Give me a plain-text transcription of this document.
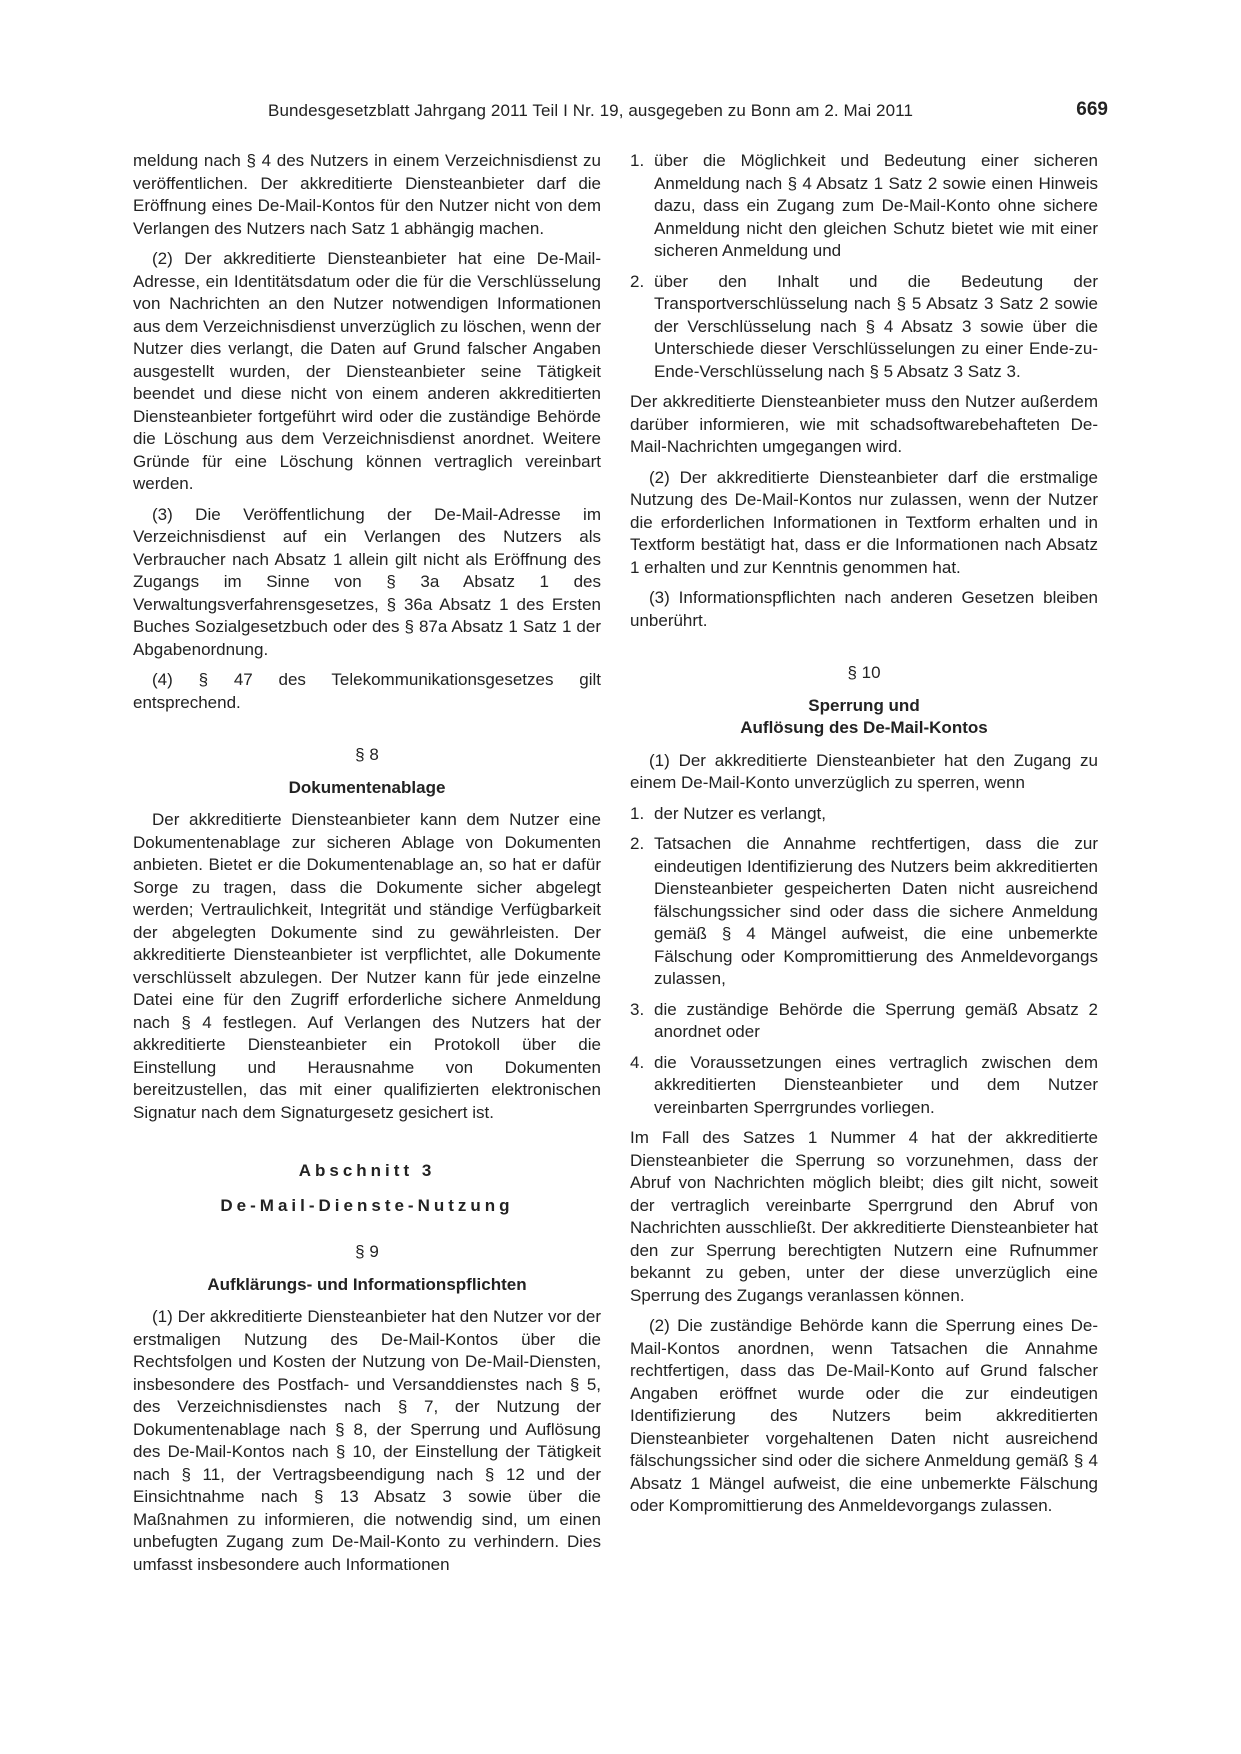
Bundesgesetzblatt Jahrgang 2011 Teil I Nr. 19, ausgegeben zu Bonn am 2. Mai 2011	669

meldung nach § 4 des Nutzers in einem Verzeichnisdienst zu veröffentlichen. Der akkreditierte Diensteanbieter darf die Eröffnung eines De-Mail-Kontos für den Nutzer nicht von dem Verlangen des Nutzers nach Satz 1 abhängig machen.

(2) Der akkreditierte Diensteanbieter hat eine De-Mail-Adresse, ein Identitätsdatum oder die für die Verschlüsselung von Nachrichten an den Nutzer notwendigen Informationen aus dem Verzeichnisdienst unverzüglich zu löschen, wenn der Nutzer dies verlangt, die Daten auf Grund falscher Angaben ausgestellt wurden, der Diensteanbieter seine Tätigkeit beendet und diese nicht von einem anderen akkreditierten Diensteanbieter fortgeführt wird oder die zuständige Behörde die Löschung aus dem Verzeichnisdienst anordnet. Weitere Gründe für eine Löschung können vertraglich vereinbart werden.

(3) Die Veröffentlichung der De-Mail-Adresse im Verzeichnisdienst auf ein Verlangen des Nutzers als Verbraucher nach Absatz 1 allein gilt nicht als Eröffnung des Zugangs im Sinne von § 3a Absatz 1 des Verwaltungsverfahrensgesetzes, § 36a Absatz 1 des Ersten Buches Sozialgesetzbuch oder des § 87a Absatz 1 Satz 1 der Abgabenordnung.

(4) § 47 des Telekommunikationsgesetzes gilt entsprechend.

§ 8
Dokumentenablage

Der akkreditierte Diensteanbieter kann dem Nutzer eine Dokumentenablage zur sicheren Ablage von Dokumenten anbieten. Bietet er die Dokumentenablage an, so hat er dafür Sorge zu tragen, dass die Dokumente sicher abgelegt werden; Vertraulichkeit, Integrität und ständige Verfügbarkeit der abgelegten Dokumente sind zu gewährleisten. Der akkreditierte Diensteanbieter ist verpflichtet, alle Dokumente verschlüsselt abzulegen. Der Nutzer kann für jede einzelne Datei eine für den Zugriff erforderliche sichere Anmeldung nach § 4 festlegen. Auf Verlangen des Nutzers hat der akkreditierte Diensteanbieter ein Protokoll über die Einstellung und Herausnahme von Dokumenten bereitzustellen, das mit einer qualifizierten elektronischen Signatur nach dem Signaturgesetz gesichert ist.

Abschnitt 3
De-Mail-Dienste-Nutzung
§ 9
Aufklärungs- und Informationspflichten

(1) Der akkreditierte Diensteanbieter hat den Nutzer vor der erstmaligen Nutzung des De-Mail-Kontos über die Rechtsfolgen und Kosten der Nutzung von De-Mail-Diensten, insbesondere des Postfach- und Versanddienstes nach § 5, des Verzeichnisdienstes nach § 7, der Nutzung der Dokumentenablage nach § 8, der Sperrung und Auflösung des De-Mail-Kontos nach § 10, der Einstellung der Tätigkeit nach § 11, der Vertragsbeendigung nach § 12 und der Einsichtnahme nach § 13 Absatz 3 sowie über die Maßnahmen zu informieren, die notwendig sind, um einen unbefugten Zugang zum De-Mail-Konto zu verhindern. Dies umfasst insbesondere auch Informationen

1. über die Möglichkeit und Bedeutung einer sicheren Anmeldung nach § 4 Absatz 1 Satz 2 sowie einen Hinweis dazu, dass ein Zugang zum De-Mail-Konto ohne sichere Anmeldung nicht den gleichen Schutz bietet wie mit einer sicheren Anmeldung und
2. über den Inhalt und die Bedeutung der Transportverschlüsselung nach § 5 Absatz 3 Satz 2 sowie der Verschlüsselung nach § 4 Absatz 3 sowie über die Unterschiede dieser Verschlüsselungen zu einer Ende-zu-Ende-Verschlüsselung nach § 5 Absatz 3 Satz 3.

Der akkreditierte Diensteanbieter muss den Nutzer außerdem darüber informieren, wie mit schadsoftwarebehafteten De-Mail-Nachrichten umgegangen wird.

(2) Der akkreditierte Diensteanbieter darf die erstmalige Nutzung des De-Mail-Kontos nur zulassen, wenn der Nutzer die erforderlichen Informationen in Textform erhalten und in Textform bestätigt hat, dass er die Informationen nach Absatz 1 erhalten und zur Kenntnis genommen hat.

(3) Informationspflichten nach anderen Gesetzen bleiben unberührt.

§ 10
Sperrung und
Auflösung des De-Mail-Kontos

(1) Der akkreditierte Diensteanbieter hat den Zugang zu einem De-Mail-Konto unverzüglich zu sperren, wenn

1. der Nutzer es verlangt,
2. Tatsachen die Annahme rechtfertigen, dass die zur eindeutigen Identifizierung des Nutzers beim akkreditierten Diensteanbieter gespeicherten Daten nicht ausreichend fälschungssicher sind oder dass die sichere Anmeldung gemäß § 4 Mängel aufweist, die eine unbemerkte Fälschung oder Kompromittierung des Anmeldevorgangs zulassen,
3. die zuständige Behörde die Sperrung gemäß Absatz 2 anordnet oder
4. die Voraussetzungen eines vertraglich zwischen dem akkreditierten Diensteanbieter und dem Nutzer vereinbarten Sperrgrundes vorliegen.

Im Fall des Satzes 1 Nummer 4 hat der akkreditierte Diensteanbieter die Sperrung so vorzunehmen, dass der Abruf von Nachrichten möglich bleibt; dies gilt nicht, soweit der vertraglich vereinbarte Sperrgrund den Abruf von Nachrichten ausschließt. Der akkreditierte Diensteanbieter hat den zur Sperrung berechtigten Nutzern eine Rufnummer bekannt zu geben, unter der diese unverzüglich eine Sperrung des Zugangs veranlassen können.

(2) Die zuständige Behörde kann die Sperrung eines De-Mail-Kontos anordnen, wenn Tatsachen die Annahme rechtfertigen, dass das De-Mail-Konto auf Grund falscher Angaben eröffnet wurde oder die zur eindeutigen Identifizierung des Nutzers beim akkreditierten Diensteanbieter vorgehaltenen Daten nicht ausreichend fälschungssicher sind oder die sichere Anmeldung gemäß § 4 Absatz 1 Mängel aufweist, die eine unbemerkte Fälschung oder Kompromittierung des Anmeldevorgangs zulassen.
